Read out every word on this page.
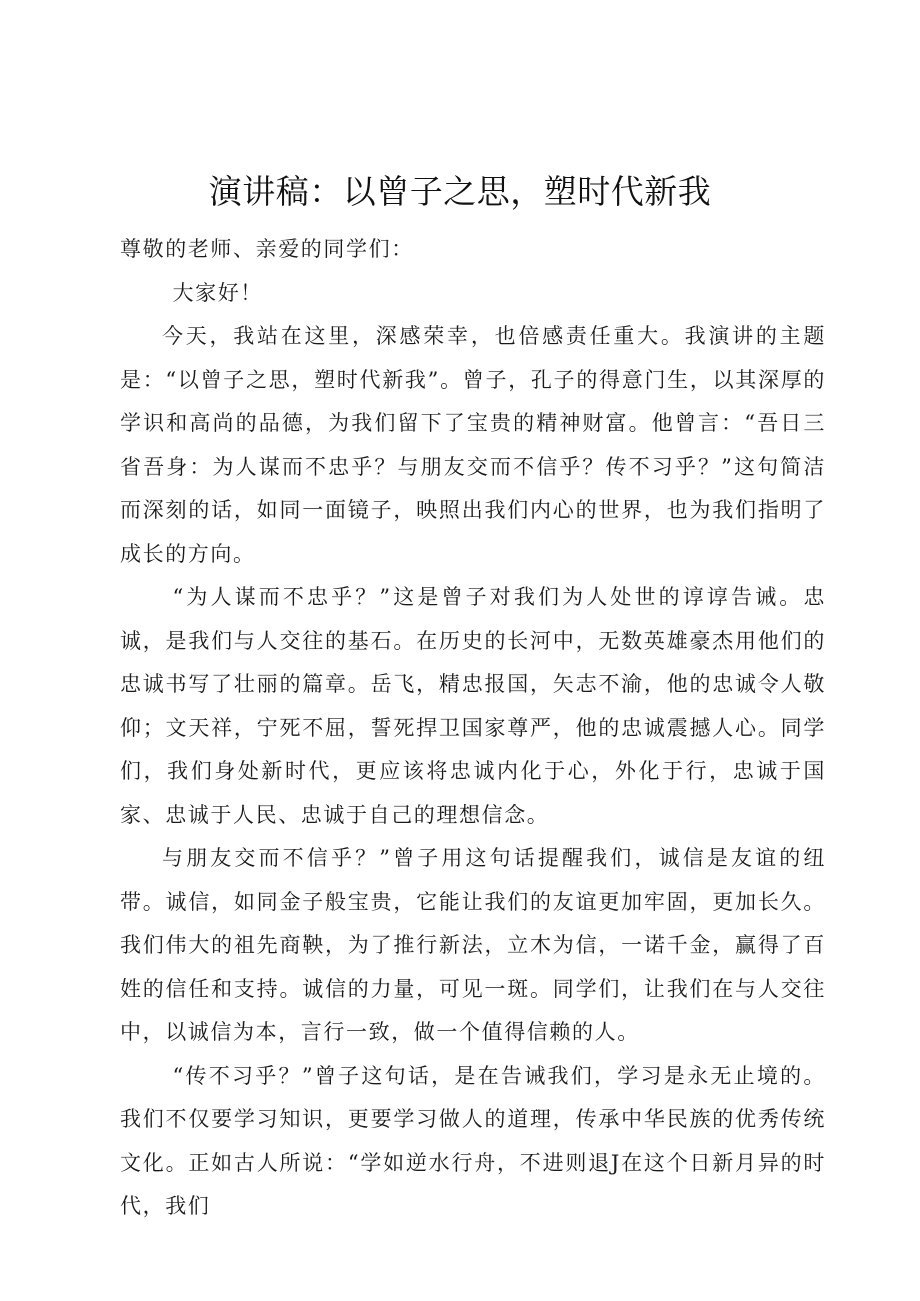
演讲稿：以曾子之思，塑时代新我

尊敬的老师、亲爱的同学们：

大家好！

今天，我站在这里，深感荣幸，也倍感责任重大。我演讲的主题是：“以曾子之思，塑时代新我”。曾子，孔子的得意门生，以其深厚的学识和高尚的品德，为我们留下了宝贵的精神财富。他曾言：“吾日三省吾身：为人谋而不忠乎？与朋友交而不信乎？传不习乎？”这句简洁而深刻的话，如同一面镜子，映照出我们内心的世界，也为我们指明了成长的方向。

“为人谋而不忠乎？”这是曾子对我们为人处世的谆谆告诫。忠诚，是我们与人交往的基石。在历史的长河中，无数英雄豪杰用他们的忠诚书写了壮丽的篇章。岳飞，精忠报国，矢志不渝，他的忠诚令人敬仰；文天祥，宁死不屈，誓死捍卫国家尊严，他的忠诚震撼人心。同学们，我们身处新时代，更应该将忠诚内化于心，外化于行，忠诚于国家、忠诚于人民、忠诚于自己的理想信念。

与朋友交而不信乎？”曾子用这句话提醒我们，诚信是友谊的纽带。诚信，如同金子般宝贵，它能让我们的友谊更加牢固，更加长久。我们伟大的祖先商鞅，为了推行新法，立木为信，一诺千金，赢得了百姓的信任和支持。诚信的力量，可见一斑。同学们，让我们在与人交往中，以诚信为本，言行一致，做一个值得信赖的人。

“传不习乎？”曾子这句话，是在告诫我们，学习是永无止境的。我们不仅要学习知识，更要学习做人的道理，传承中华民族的优秀传统文化。正如古人所说：“学如逆水行舟，不进则退J在这个日新月异的时代，我们
